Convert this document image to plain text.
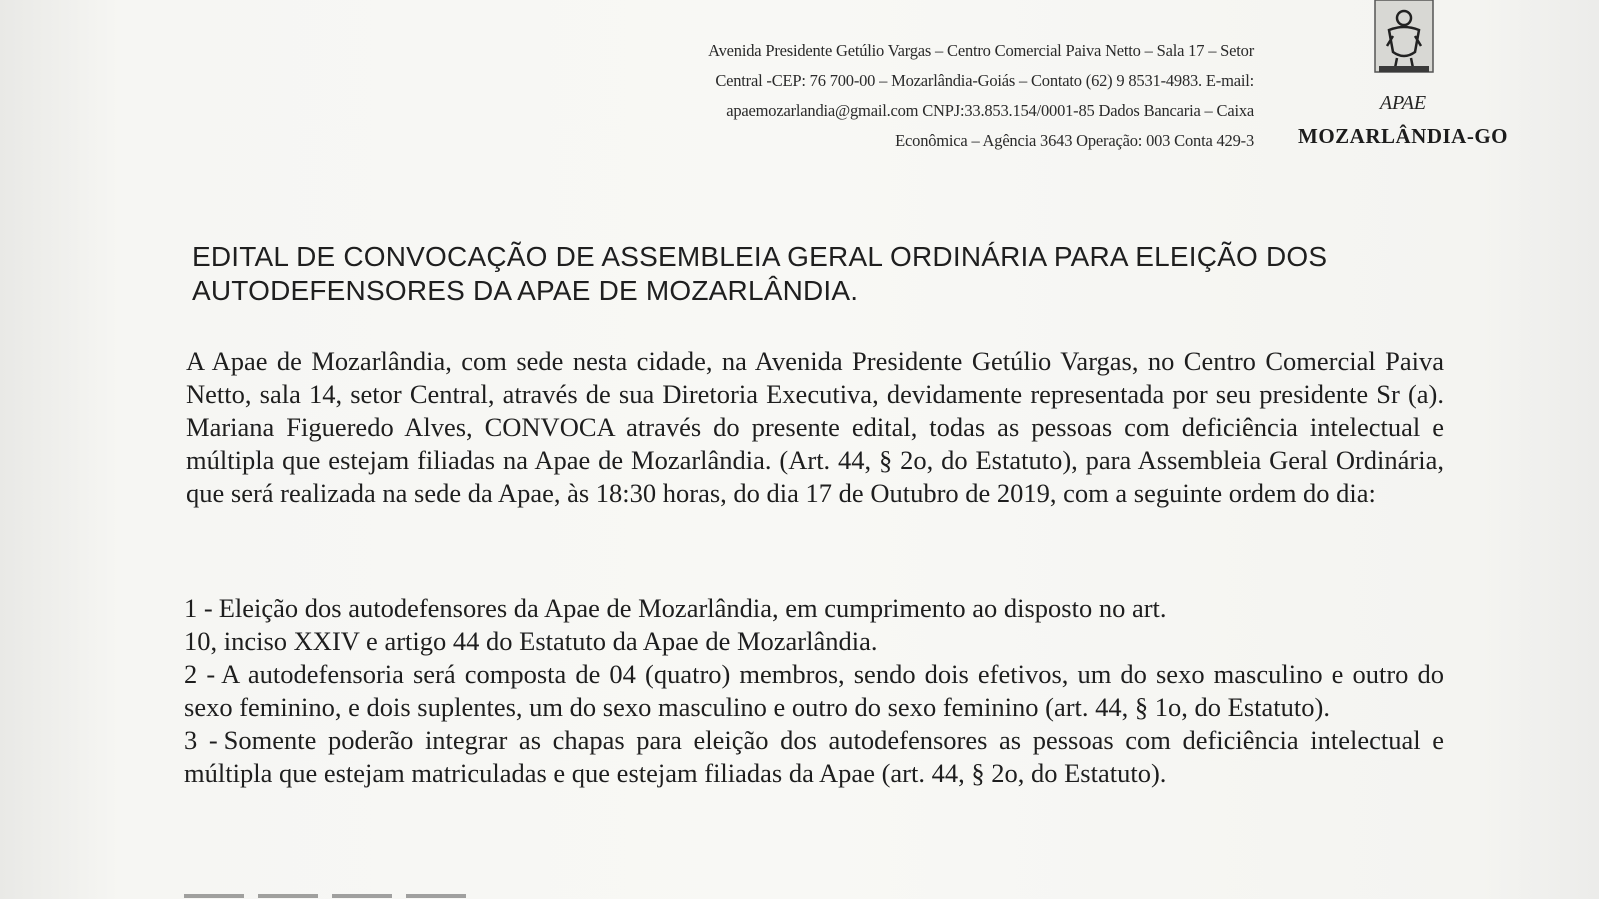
Avenida Presidente Getúlio Vargas – Centro Comercial Paiva Netto – Sala 17 – Setor
Central -CEP: 76 700-00 – Mozarlândia-Goiás – Contato (62) 9 8531-4983. E-mail:
apaemozarlandia@gmail.com CNPJ:33.853.154/0001-85 Dados Bancaria – Caixa
Econômica – Agência 3643 Operação: 003 Conta 429-3
APAE
MOZARLÂNDIA-GO
EDITAL DE CONVOCAÇÃO DE ASSEMBLEIA GERAL ORDINÁRIA PARA ELEIÇÃO DOS
AUTODEFENSORES DA APAE DE MOZARLÂNDIA.
A Apae de Mozarlândia, com sede nesta cidade, na Avenida Presidente Getúlio Vargas, no Centro Comercial Paiva Netto, sala 14, setor Central, através de sua Diretoria Executiva, devidamente representada por seu presidente Sr (a). Mariana Figueredo Alves, CONVOCA através do presente edital, todas as pessoas com deficiência intelectual e múltipla que estejam filiadas na Apae de Mozarlândia. (Art. 44, § 2o, do Estatuto), para Assembleia Geral Ordinária, que será realizada na sede da Apae, às 18:30 horas, do dia 17 de Outubro de 2019, com a seguinte ordem do dia:
1 - Eleição dos autodefensores da Apae de Mozarlândia, em cumprimento ao disposto no art.
10, inciso XXIV e artigo 44 do Estatuto da Apae de Mozarlândia.
2 - A autodefensoria será composta de 04 (quatro) membros, sendo dois efetivos, um do sexo masculino e outro do sexo feminino, e dois suplentes, um do sexo masculino e outro do sexo feminino (art. 44, § 1o, do Estatuto).
3 - Somente poderão integrar as chapas para eleição dos autodefensores as pessoas com deficiência intelectual e múltipla que estejam matriculadas e que estejam filiadas da Apae (art. 44, § 2o, do Estatuto).
